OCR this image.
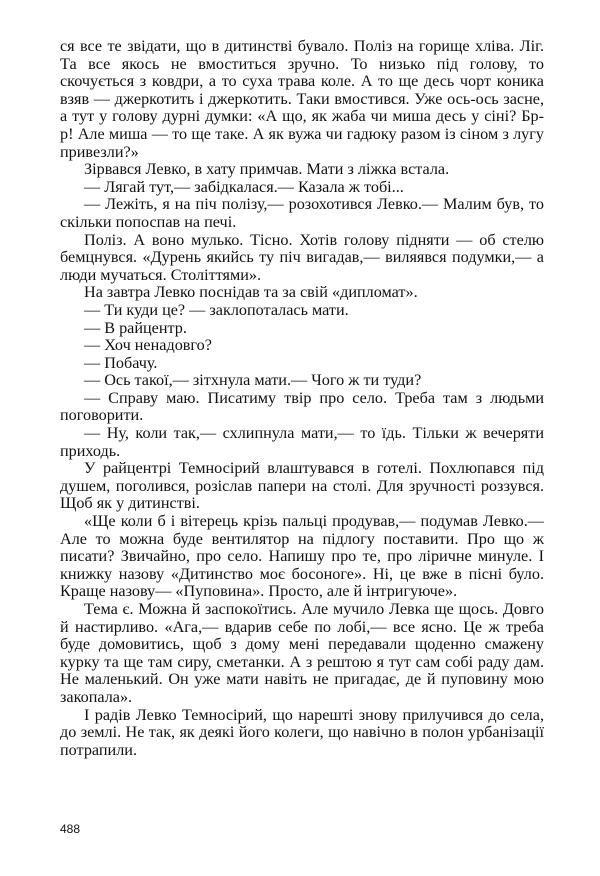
ся все те звідати, що в дитинстві бувало. Поліз на горище хліва. Ліг. Та все якось не вмоститься зручно. То низько під голову, то скочується з ковдри, а то суха трава коле. А то ще десь чорт коника взяв — джеркотить і джеркотить. Таки вмостився. Уже ось-ось засне, а тут у голову дурні думки: «А що, як жаба чи миша десь у сіні? Бр-р! Але миша — то ще таке. А як вужа чи гадюку разом із сіном з лугу привезли?»

Зірвався Левко, в хату примчав. Мати з ліжка встала.

— Лягай тут,— забідкалася.— Казала ж тобі...

— Лежіть, я на піч полізу,— розохотився Левко.— Малим був, то скільки попоспав на печі.

Поліз. А воно мулько. Тісно. Хотів голову підняти — об стелю бемцнувся. «Дурень якийсь ту піч вигадав,— виляявся подумки,— а люди мучаться. Століттями».

На завтра Левко поснідав та за свій «дипломат».

— Ти куди це? — заклопоталась мати.

— В райцентр.

— Хоч ненадовго?

— Побачу.

— Ось такої,— зітхнула мати.— Чого ж ти туди?

— Справу маю. Писатиму твір про село. Треба там з людьми поговорити.

— Ну, коли так,— схлипнула мати,— то їдь. Тільки ж вечеряти приходь.

У райцентрі Темносірий влаштувався в готелі. Похлюпався під душем, поголився, розіслав папери на столі. Для зручності роззувся. Щоб як у дитинстві.

«Ще коли б і вітерець крізь пальці продував,— подумав Левко.— Але то можна буде вентилятор на підлогу поставити. Про що ж писати? Звичайно, про село. Напишу про те, про ліричне минуле. І книжку назову «Дитинство моє босоноге». Ні, це вже в пісні було. Краще назову— «Пуповина». Просто, але й інтригуюче».

Тема є. Можна й заспокоїтись. Але мучило Левка ще щось. Довго й настирливо. «Ага,— вдарив себе по лобі,— все ясно. Це ж треба буде домовитись, щоб з дому мені передавали щоденно смажену курку та ще там сиру, сметанки. А з рештою я тут сам собі раду дам. Не маленький. Он уже мати навіть не пригадає, де й пуповину мою закопала».

І радів Левко Темносірий, що нарешті знову прилучився до села, до землі. Не так, як деякі його колеги, що навічно в полон урбанізації потрапили.

488
